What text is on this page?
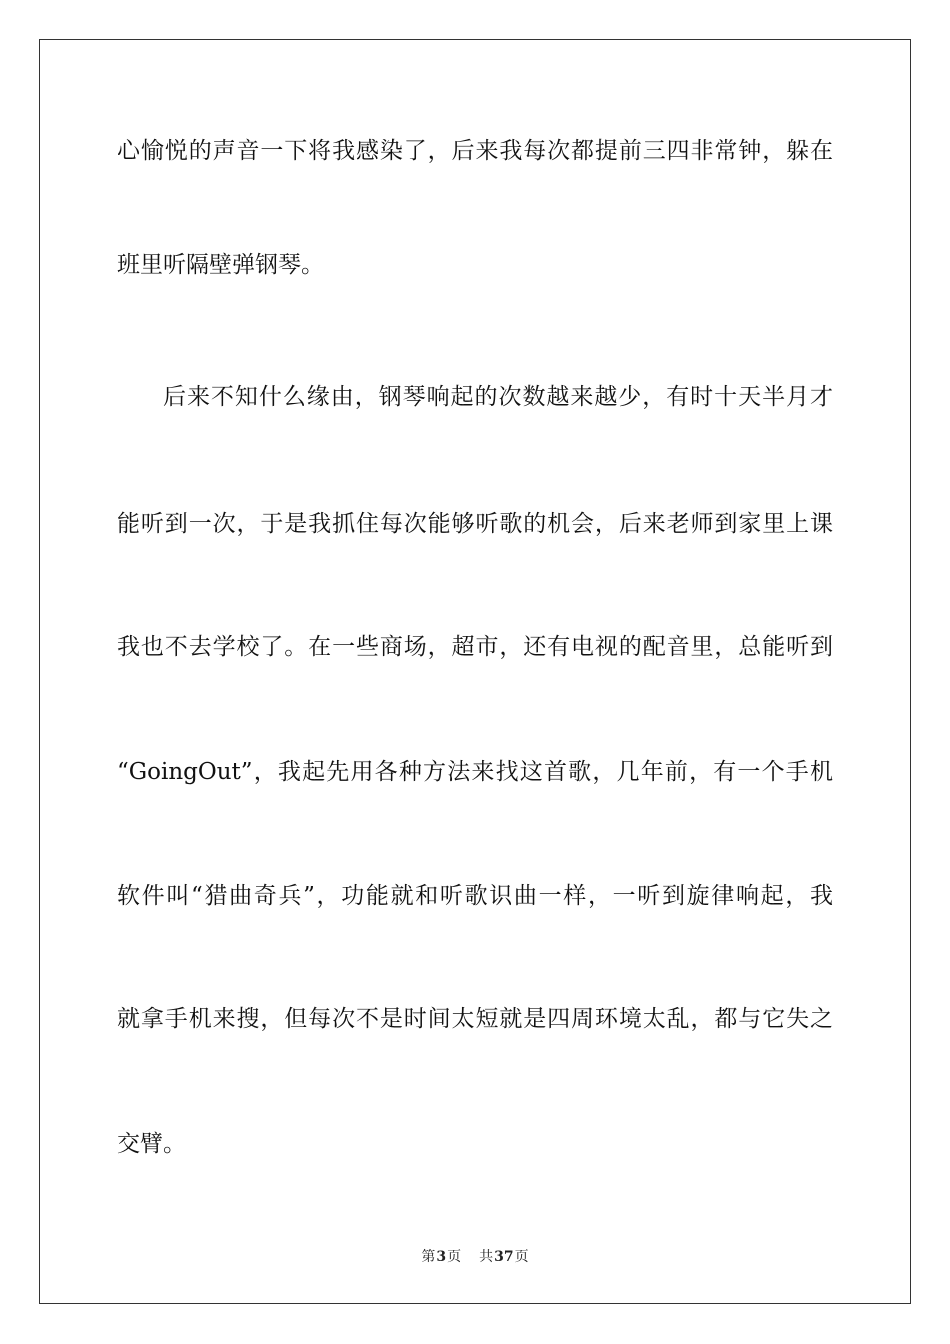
心愉悦的声音一下将我感染了，后来我每次都提前三四非常钟，躲在
班里听隔壁弹钢琴。
后来不知什么缘由，钢琴响起的次数越来越少，有时十天半月才
能听到一次，于是我抓住每次能够听歌的机会，后来老师到家里上课
我也不去学校了。在一些商场，超市，还有电视的配音里，总能听到
“GoingOut”，我起先用各种方法来找这首歌，几年前，有一个手机
软件叫“猎曲奇兵”，功能就和听歌识曲一样，一听到旋律响起，我
就拿手机来搜，但每次不是时间太短就是四周环境太乱，都与它失之
交臂。
第3页 共37页
